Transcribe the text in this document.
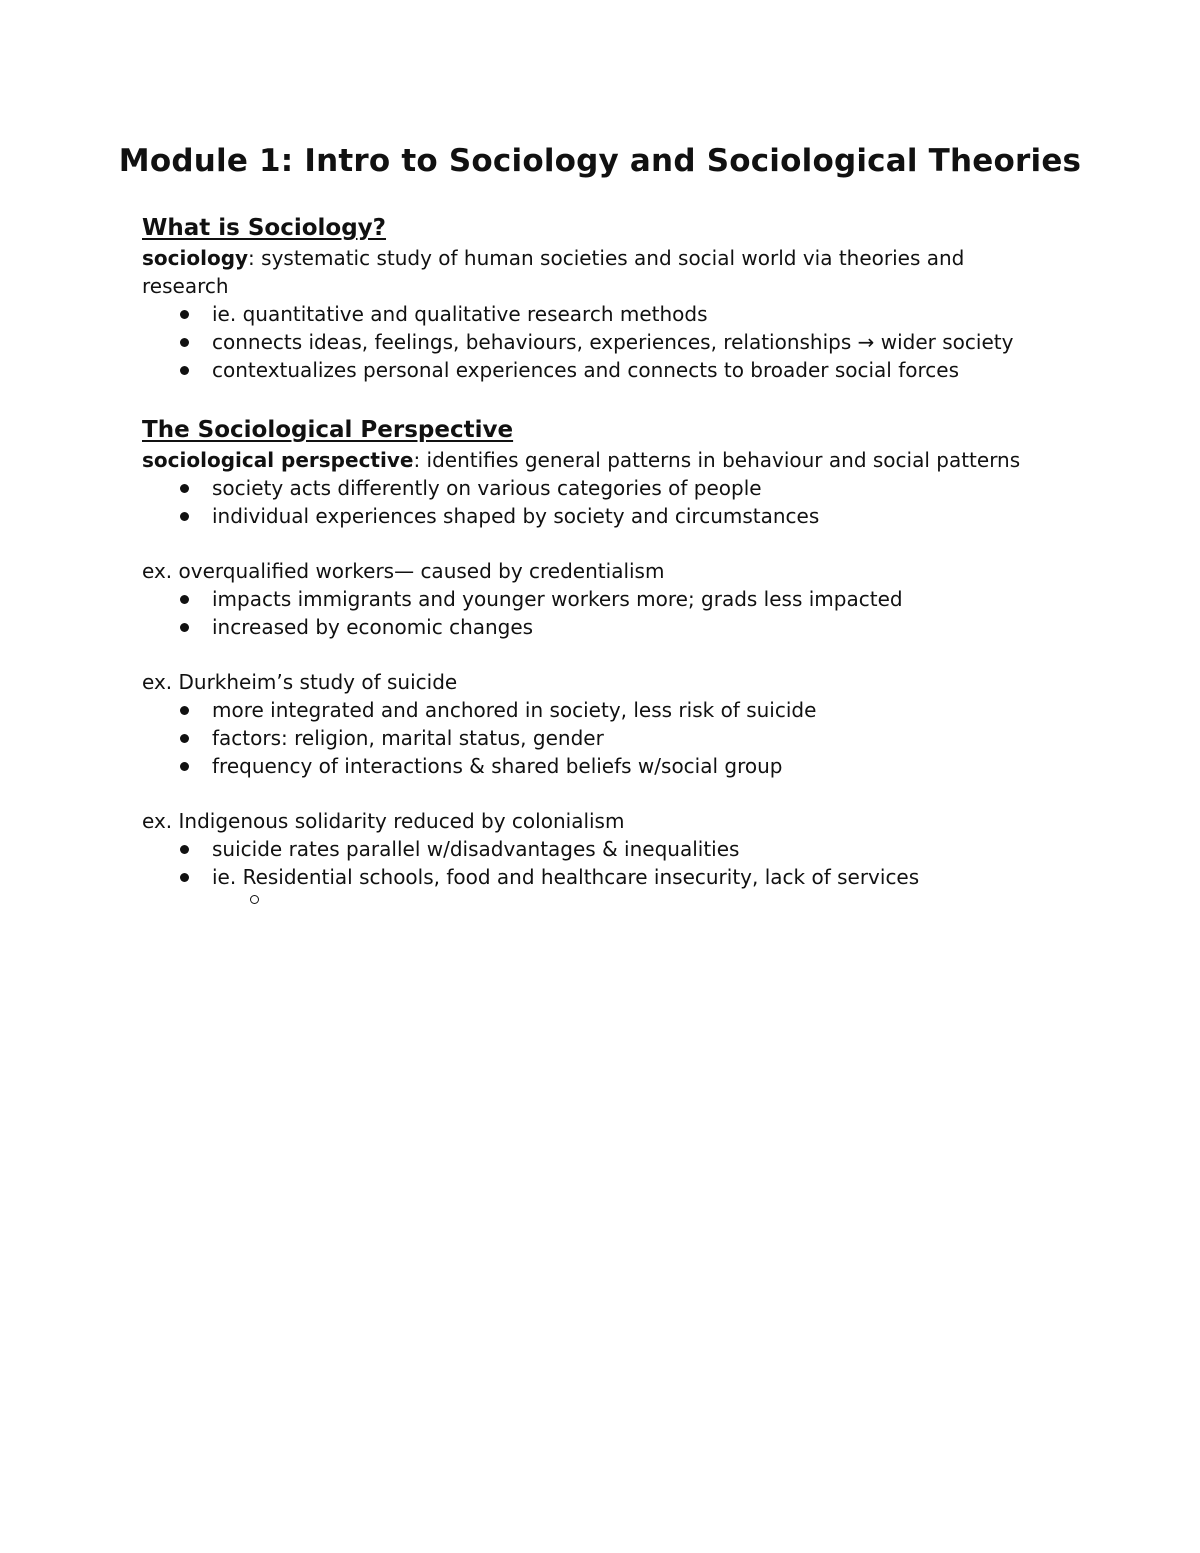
Module 1: Intro to Sociology and Sociological Theories
What is Sociology?

sociology: systematic study of human societies and social world via theories and research

ie. quantitative and qualitative research methods
connects ideas, feelings, behaviours, experiences, relationships → wider society
contextualizes personal experiences and connects to broader social forces
The Sociological Perspective

sociological perspective: identifies general patterns in behaviour and social patterns

society acts differently on various categories of people
individual experiences shaped by society and circumstances

ex. overqualified workers— caused by credentialism

impacts immigrants and younger workers more; grads less impacted
increased by economic changes

ex. Durkheim’s study of suicide

more integrated and anchored in society, less risk of suicide
factors: religion, marital status, gender
frequency of interactions & shared beliefs w/social group

ex. Indigenous solidarity reduced by colonialism

suicide rates parallel w/disadvantages & inequalities
ie. Residential schools, food and healthcare insecurity, lack of services
